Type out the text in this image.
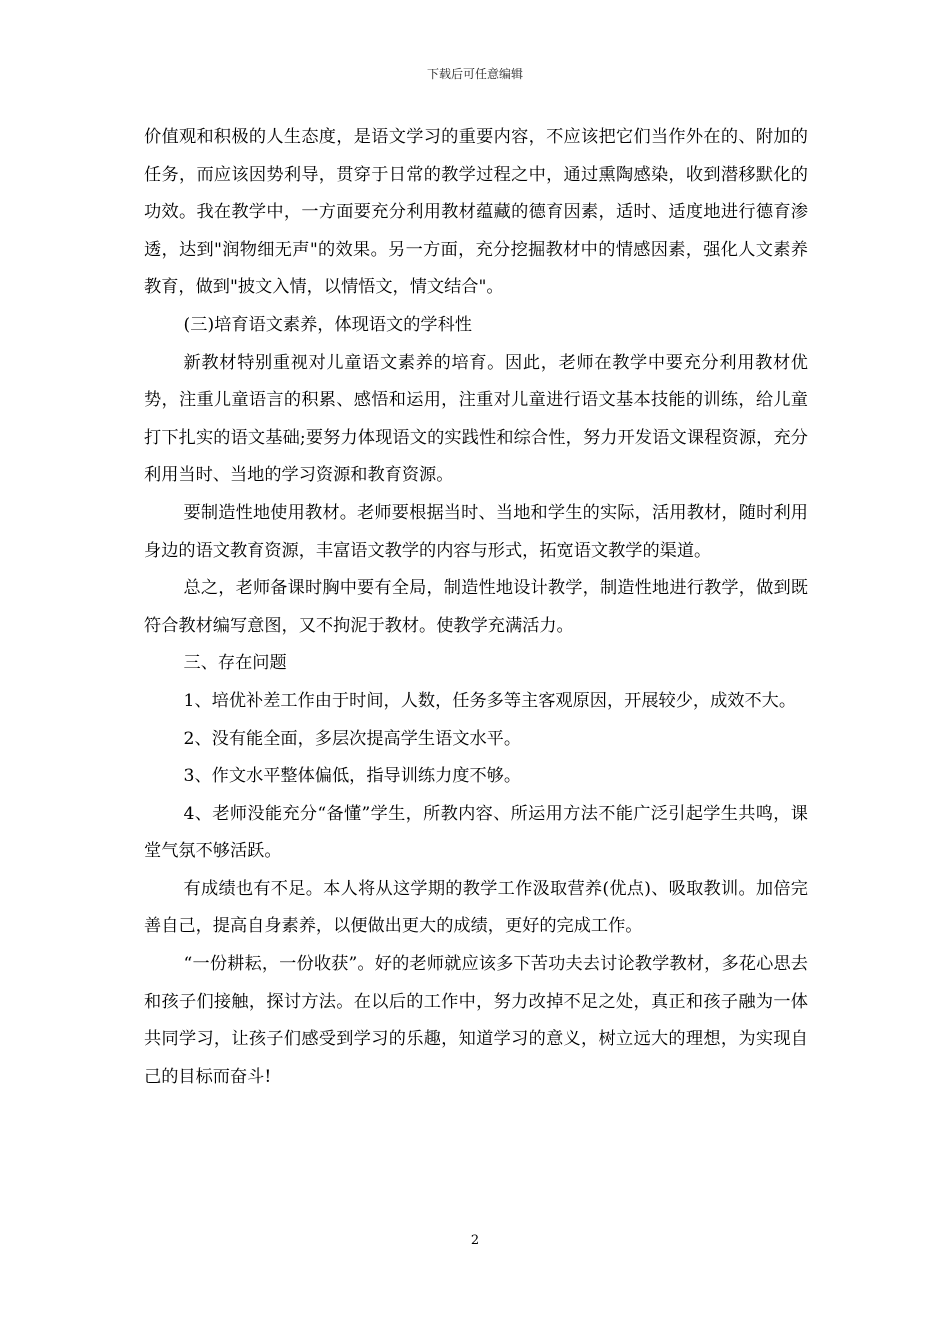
下载后可任意编辑

价值观和积极的人生态度，是语文学习的重要内容，不应该把它们当作外在的、附加的任务，而应该因势利导，贯穿于日常的教学过程之中，通过熏陶感染，收到潜移默化的功效。我在教学中，一方面要充分利用教材蕴藏的德育因素，适时、适度地进行德育渗透，达到"润物细无声"的效果。另一方面，充分挖掘教材中的情感因素，强化人文素养教育，做到"披文入情，以情悟文，情文结合"。

(三)培育语文素养，体现语文的学科性

新教材特别重视对儿童语文素养的培育。因此，老师在教学中要充分利用教材优势，注重儿童语言的积累、感悟和运用，注重对儿童进行语文基本技能的训练，给儿童打下扎实的语文基础;要努力体现语文的实践性和综合性，努力开发语文课程资源，充分利用当时、当地的学习资源和教育资源。

要制造性地使用教材。老师要根据当时、当地和学生的实际，活用教材，随时利用身边的语文教育资源，丰富语文教学的内容与形式，拓宽语文教学的渠道。

总之，老师备课时胸中要有全局，制造性地设计教学，制造性地进行教学，做到既符合教材编写意图，又不拘泥于教材。使教学充满活力。

三、存在问题

1、培优补差工作由于时间，人数，任务多等主客观原因，开展较少，成效不大。

2、没有能全面，多层次提高学生语文水平。

3、作文水平整体偏低，指导训练力度不够。

4、老师没能充分“备懂”学生，所教内容、所运用方法不能广泛引起学生共鸣，课堂气氛不够活跃。

有成绩也有不足。本人将从这学期的教学工作汲取营养(优点)、吸取教训。加倍完善自己，提高自身素养，以便做出更大的成绩，更好的完成工作。

“一份耕耘，一份收获”。好的老师就应该多下苦功夫去讨论教学教材，多花心思去和孩子们接触，探讨方法。在以后的工作中，努力改掉不足之处，真正和孩子融为一体共同学习，让孩子们感受到学习的乐趣，知道学习的意义，树立远大的理想，为实现自己的目标而奋斗!

2
